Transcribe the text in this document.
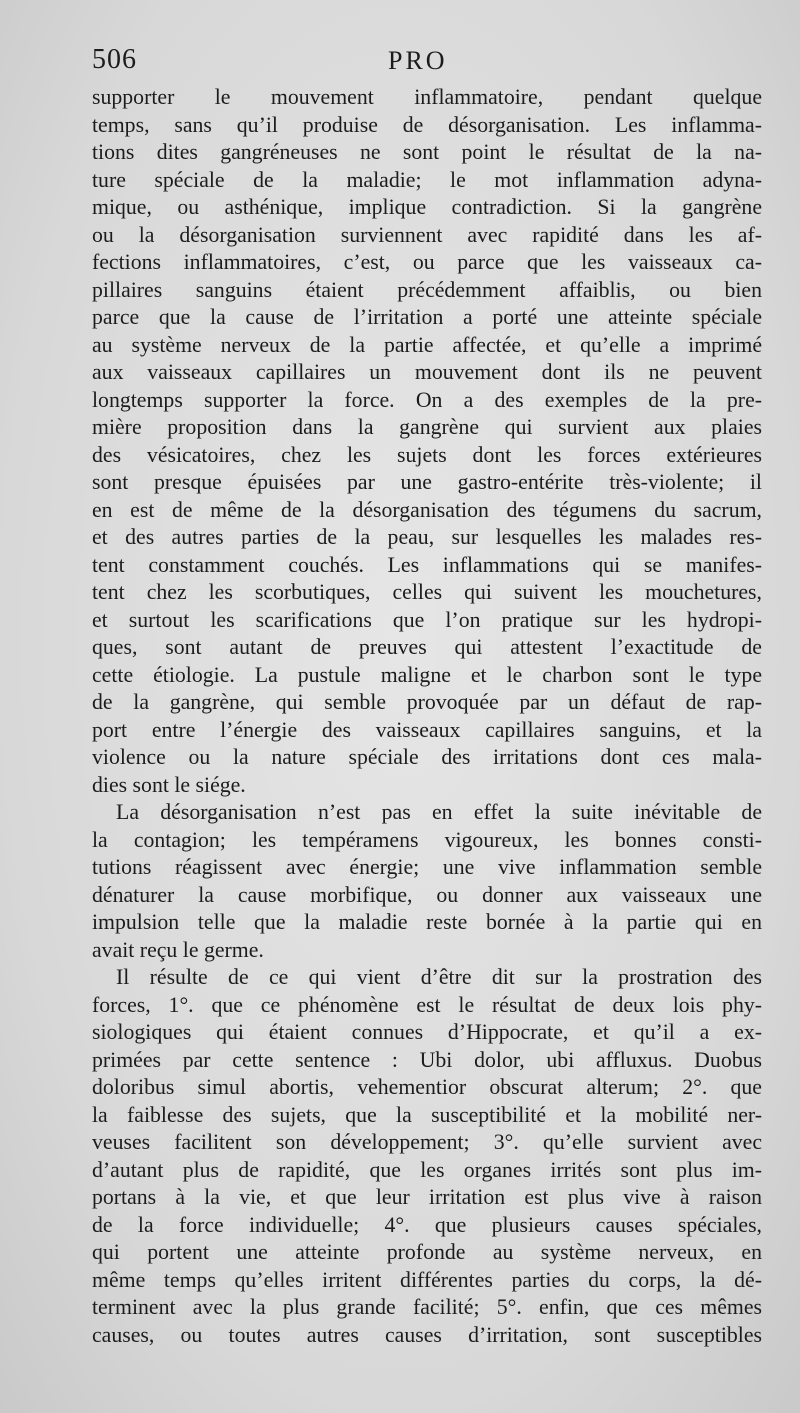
506	PRO
supporter le mouvement inflammatoire, pendant quelque
temps, sans qu’il produise de désorganisation. Les inflamma-
tions dites gangréneuses ne sont point le résultat de la na-
ture spéciale de la maladie; le mot inflammation adyna-
mique, ou asthénique, implique contradiction. Si la gangrène
ou la désorganisation surviennent avec rapidité dans les af-
fections inflammatoires, c’est, ou parce que les vaisseaux ca-
pillaires sanguins étaient précédemment affaiblis, ou bien
parce que la cause de l’irritation a porté une atteinte spéciale
au système nerveux de la partie affectée, et qu’elle a imprimé
aux vaisseaux capillaires un mouvement dont ils ne peuvent
longtemps supporter la force. On a des exemples de la pre-
mière proposition dans la gangrène qui survient aux plaies
des vésicatoires, chez les sujets dont les forces extérieures
sont presque épuisées par une gastro-entérite très-violente; il
en est de même de la désorganisation des tégumens du sacrum,
et des autres parties de la peau, sur lesquelles les malades res-
tent constamment couchés. Les inflammations qui se manifes-
tent chez les scorbutiques, celles qui suivent les mouchetures,
et surtout les scarifications que l’on pratique sur les hydropi-
ques, sont autant de preuves qui attestent l’exactitude de
cette étiologie. La pustule maligne et le charbon sont le type
de la gangrène, qui semble provoquée par un défaut de rap-
port entre l’énergie des vaisseaux capillaires sanguins, et la
violence ou la nature spéciale des irritations dont ces mala-
dies sont le siége.
La désorganisation n’est pas en effet la suite inévitable de
la contagion; les tempéramens vigoureux, les bonnes consti-
tutions réagissent avec énergie; une vive inflammation semble
dénaturer la cause morbifique, ou donner aux vaisseaux une
impulsion telle que la maladie reste bornée à la partie qui en
avait reçu le germe.
Il résulte de ce qui vient d’être dit sur la prostration des
forces, 1°. que ce phénomène est le résultat de deux lois phy-
siologiques qui étaient connues d’Hippocrate, et qu’il a ex-
primées par cette sentence : Ubi dolor, ubi affluxus. Duobus
doloribus simul abortis, vehementior obscurat alterum; 2°. que
la faiblesse des sujets, que la susceptibilité et la mobilité ner-
veuses facilitent son développement; 3°. qu’elle survient avec
d’autant plus de rapidité, que les organes irrités sont plus im-
portans à la vie, et que leur irritation est plus vive à raison
de la force individuelle; 4°. que plusieurs causes spéciales,
qui portent une atteinte profonde au système nerveux, en
même temps qu’elles irritent différentes parties du corps, la dé-
terminent avec la plus grande facilité; 5°. enfin, que ces mêmes
causes, ou toutes autres causes d’irritation, sont susceptibles
